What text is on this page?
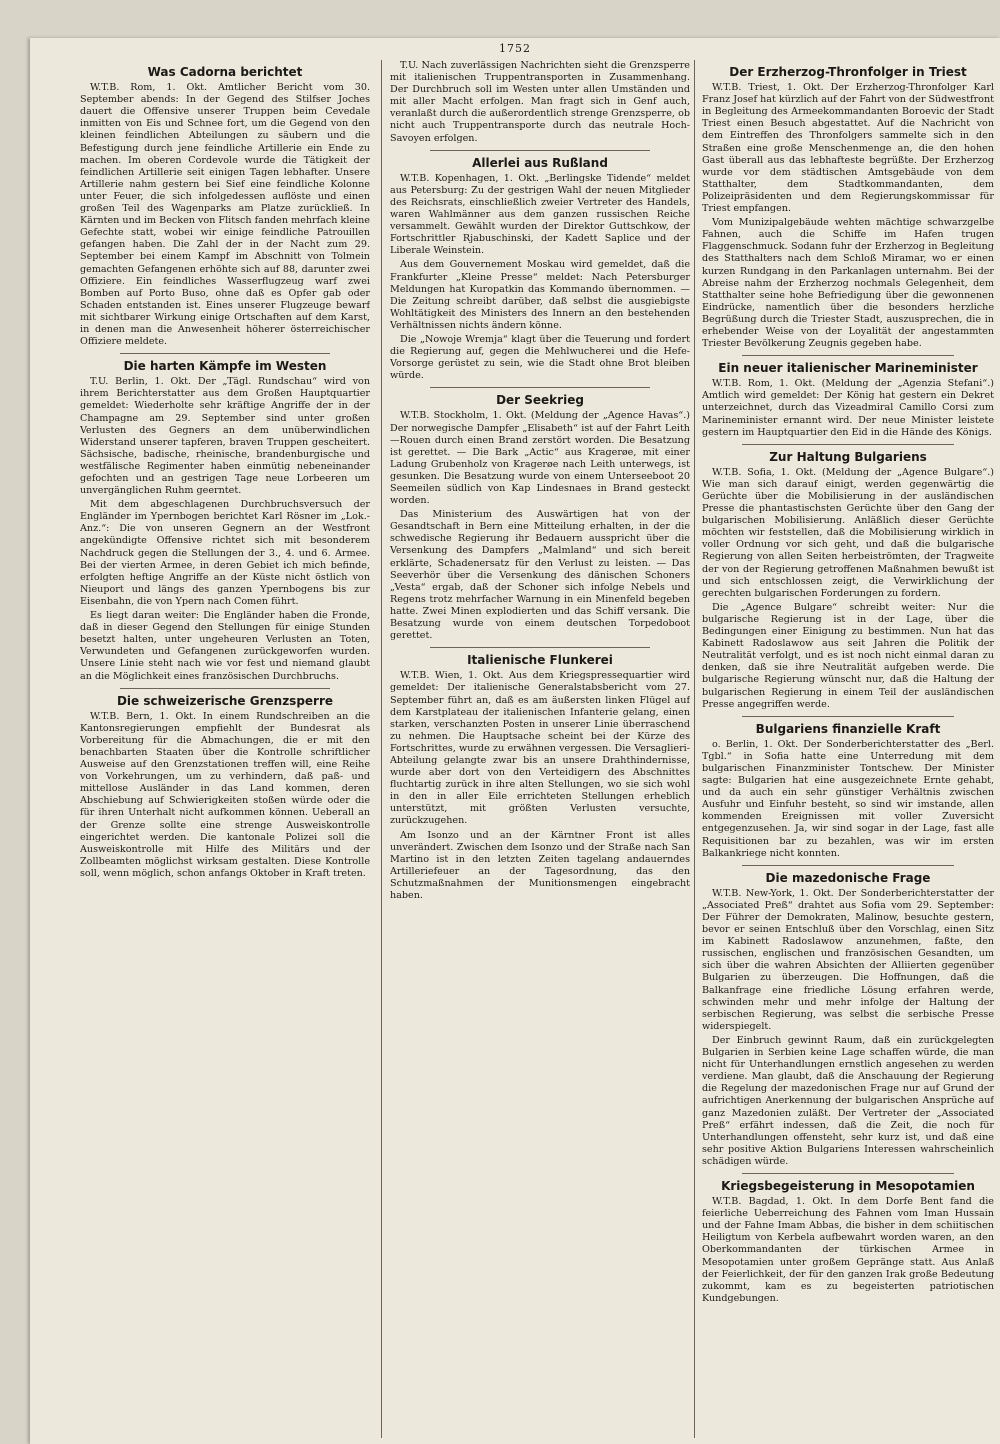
1752
Was Cadorna berichtet

W.T.B. Rom, 1. Okt. Amtlicher Bericht vom 30. September abends: In der Gegend des Stilfser Joches dauert die Offensive unserer Truppen beim Cevedale inmitten von Eis und Schnee fort, um die Gegend von den kleinen feindlichen Abteilungen zu säubern und die Befestigung durch jene feindliche Artillerie ein Ende zu machen. Im oberen Cordevole wurde die Tätigkeit der feindlichen Artillerie seit einigen Tagen lebhafter. Unsere Artillerie nahm gestern bei Sief eine feindliche Kolonne unter Feuer, die sich infolgedessen auflöste und einen großen Teil des Wagenparks am Platze zurückließ. In Kärnten und im Becken von Flitsch fanden mehrfach kleine Gefechte statt, wobei wir einige feindliche Patrouillen gefangen haben. Die Zahl der in der Nacht zum 29. September bei einem Kampf im Abschnitt von Tolmein gemachten Gefangenen erhöhte sich auf 88, darunter zwei Offiziere. Ein feindliches Wasserflugzeug warf zwei Bomben auf Porto Buso, ohne daß es Opfer gab oder Schaden entstanden ist. Eines unserer Flugzeuge bewarf mit sichtbarer Wirkung einige Ortschaften auf dem Karst, in denen man die Anwesenheit höherer österreichischer Offiziere meldete.

Die harten Kämpfe im Westen

T.U. Berlin, 1. Okt. Der „Tägl. Rundschau“ wird von ihrem Berichterstatter aus dem Großen Hauptquartier gemeldet: Wiederholte sehr kräftige Angriffe der in der Champagne am 29. September sind unter großen Verlusten des Gegners an dem unüberwindlichen Widerstand unserer tapferen, braven Truppen gescheitert. Sächsische, badische, rheinische, brandenburgische und westfälische Regimenter haben einmütig nebeneinander gefochten und an gestrigen Tage neue Lorbeeren um unvergänglichen Ruhm geerntet.

Mit dem abgeschlagenen Durchbruchsversuch der Engländer im Ypernbogen berichtet Karl Rösner im „Lok.-Anz.“: Die von unseren Gegnern an der Westfront angekündigte Offensive richtet sich mit besonderem Nachdruck gegen die Stellungen der 3., 4. und 6. Armee. Bei der vierten Armee, in deren Gebiet ich mich befinde, erfolgten heftige Angriffe an der Küste nicht östlich von Nieuport und längs des ganzen Ypernbogens bis zur Eisenbahn, die von Ypern nach Comen führt.

Es liegt daran weiter: Die Engländer haben die Fronde, daß in dieser Gegend den Stellungen für einige Stunden besetzt halten, unter ungeheuren Verlusten an Toten, Verwundeten und Gefangenen zurückgeworfen wurden. Unsere Linie steht nach wie vor fest und niemand glaubt an die Möglichkeit eines französischen Durchbruchs.

Die schweizerische Grenzsperre

W.T.B. Bern, 1. Okt. In einem Rundschreiben an die Kantonsregierungen empfiehlt der Bundesrat als Vorbereitung für die Abmachungen, die er mit den benachbarten Staaten über die Kontrolle schriftlicher Ausweise auf den Grenzstationen treffen will, eine Reihe von Vorkehrungen, um zu verhindern, daß paß- und mittellose Ausländer in das Land kommen, deren Abschiebung auf Schwierigkeiten stoßen würde oder die für ihren Unterhalt nicht aufkommen können. Ueberall an der Grenze sollte eine strenge Ausweiskontrolle eingerichtet werden. Die kantonale Polizei soll die Ausweiskontrolle mit Hilfe des Militärs und der Zollbeamten möglichst wirksam gestalten. Diese Kontrolle soll, wenn möglich, schon anfangs Oktober in Kraft treten.

T.U. Nach zuverlässigen Nachrichten sieht die Grenzsperre mit italienischen Truppentransporten in Zusammenhang. Der Durchbruch soll im Westen unter allen Umständen und mit aller Macht erfolgen. Man fragt sich in Genf auch, veranlaßt durch die außerordentlich strenge Grenzsperre, ob nicht auch Truppentransporte durch das neutrale Hoch-Savoyen erfolgen.

Allerlei aus Rußland

W.T.B. Kopenhagen, 1. Okt. „Berlingske Tidende“ meldet aus Petersburg: Zu der gestrigen Wahl der neuen Mitglieder des Reichsrats, einschließlich zweier Vertreter des Handels, waren Wahlmänner aus dem ganzen russischen Reiche versammelt. Gewählt wurden der Direktor Guttschkow, der Fortschrittler Rjabuschinski, der Kadett Saplice und der Liberale Weinstein.

Aus dem Gouvernement Moskau wird gemeldet, daß die Frankfurter „Kleine Presse“ meldet: Nach Petersburger Meldungen hat Kuropatkin das Kommando übernommen. — Die Zeitung schreibt darüber, daß selbst die ausgiebigste Wohltätigkeit des Ministers des Innern an den bestehenden Verhältnissen nichts ändern könne.

Die „Nowoje Wremja“ klagt über die Teuerung und fordert die Regierung auf, gegen die Mehlwucherei und die Hefe-Vorsorge gerüstet zu sein, wie die Stadt ohne Brot bleiben würde.

Der Seekrieg

W.T.B. Stockholm, 1. Okt. (Meldung der „Agence Havas“.) Der norwegische Dampfer „Elisabeth“ ist auf der Fahrt Leith—Rouen durch einen Brand zerstört worden. Die Besatzung ist gerettet. — Die Bark „Actic“ aus Kragerøe, mit einer Ladung Grubenholz von Kragerøe nach Leith unterwegs, ist gesunken. Die Besatzung wurde von einem Unterseeboot 20 Seemeilen südlich von Kap Lindesnaes in Brand gesteckt worden.

Das Ministerium des Auswärtigen hat von der Gesandtschaft in Bern eine Mitteilung erhalten, in der die schwedische Regierung ihr Bedauern ausspricht über die Versenkung des Dampfers „Malmland“ und sich bereit erklärte, Schadenersatz für den Verlust zu leisten. — Das Seeverhör über die Versenkung des dänischen Schoners „Vesta“ ergab, daß der Schoner sich infolge Nebels und Regens trotz mehrfacher Warnung in ein Minenfeld begeben hatte. Zwei Minen explodierten und das Schiff versank. Die Besatzung wurde von einem deutschen Torpedoboot gerettet.

Italienische Flunkerei

W.T.B. Wien, 1. Okt. Aus dem Kriegspressequartier wird gemeldet: Der italienische Generalstabsbericht vom 27. September führt an, daß es am äußersten linken Flügel auf dem Karstplateau der italienischen Infanterie gelang, einen starken, verschanzten Posten in unserer Linie überraschend zu nehmen. Die Hauptsache scheint bei der Kürze des Fortschrittes, wurde zu erwähnen vergessen. Die Versaglieri-Abteilung gelangte zwar bis an unsere Drahthindernisse, wurde aber dort von den Verteidigern des Abschnittes fluchtartig zurück in ihre alten Stellungen, wo sie sich wohl in den in aller Eile errichteten Stellungen erheblich unterstützt, mit größten Verlusten versuchte, zurückzugehen.

Am Isonzo und an der Kärntner Front ist alles unverändert. Zwischen dem Isonzo und der Straße nach San Martino ist in den letzten Zeiten tagelang andauerndes Artilleriefeuer an der Tagesordnung, das den Schutzmaßnahmen der Munitionsmengen eingebracht haben.

Der Erzherzog-Thronfolger in Triest

W.T.B. Triest, 1. Okt. Der Erzherzog-Thronfolger Karl Franz Josef hat kürzlich auf der Fahrt von der Südwestfront in Begleitung des Armeekommandanten Boroevic der Stadt Triest einen Besuch abgestattet. Auf die Nachricht von dem Eintreffen des Thronfolgers sammelte sich in den Straßen eine große Menschenmenge an, die den hohen Gast überall aus das lebhafteste begrüßte. Der Erzherzog wurde vor dem städtischen Amtsgebäude von dem Statthalter, dem Stadtkommandanten, dem Polizeipräsidenten und dem Regierungskommissar für Triest empfangen.

Vom Munizipalgebäude wehten mächtige schwarzgelbe Fahnen, auch die Schiffe im Hafen trugen Flaggenschmuck. Sodann fuhr der Erzherzog in Begleitung des Statthalters nach dem Schloß Miramar, wo er einen kurzen Rundgang in den Parkanlagen unternahm. Bei der Abreise nahm der Erzherzog nochmals Gelegenheit, dem Statthalter seine hohe Befriedigung über die gewonnenen Eindrücke, namentlich über die besonders herzliche Begrüßung durch die Triester Stadt, auszusprechen, die in erhebender Weise von der Loyalität der angestammten Triester Bevölkerung Zeugnis gegeben habe.

Ein neuer italienischer Marineminister

W.T.B. Rom, 1. Okt. (Meldung der „Agenzia Stefani“.) Amtlich wird gemeldet: Der König hat gestern ein Dekret unterzeichnet, durch das Vizeadmiral Camillo Corsi zum Marineminister ernannt wird. Der neue Minister leistete gestern im Hauptquartier den Eid in die Hände des Königs.

Zur Haltung Bulgariens

W.T.B. Sofia, 1. Okt. (Meldung der „Agence Bulgare“.) Wie man sich darauf einigt, werden gegenwärtig die Gerüchte über die Mobilisierung in der ausländischen Presse die phantastischsten Gerüchte über den Gang der bulgarischen Mobilisierung. Anläßlich dieser Gerüchte möchten wir feststellen, daß die Mobilisierung wirklich in voller Ordnung vor sich geht, und daß die bulgarische Regierung von allen Seiten herbeiströmten, der Tragweite der von der Regierung getroffenen Maßnahmen bewußt ist und sich entschlossen zeigt, die Verwirklichung der gerechten bulgarischen Forderungen zu fordern.

Die „Agence Bulgare“ schreibt weiter: Nur die bulgarische Regierung ist in der Lage, über die Bedingungen einer Einigung zu bestimmen. Nun hat das Kabinett Radoslawow aus seit Jahren die Politik der Neutralität verfolgt, und es ist noch nicht einmal daran zu denken, daß sie ihre Neutralität aufgeben werde. Die bulgarische Regierung wünscht nur, daß die Haltung der bulgarischen Regierung in einem Teil der ausländischen Presse angegriffen werde.

Bulgariens finanzielle Kraft

o. Berlin, 1. Okt. Der Sonderberichterstatter des „Berl. Tgbl.“ in Sofia hatte eine Unterredung mit dem bulgarischen Finanzminister Tontschew. Der Minister sagte: Bulgarien hat eine ausgezeichnete Ernte gehabt, und da auch ein sehr günstiger Verhältnis zwischen Ausfuhr und Einfuhr besteht, so sind wir imstande, allen kommenden Ereignissen mit voller Zuversicht entgegenzusehen. Ja, wir sind sogar in der Lage, fast alle Requisitionen bar zu bezahlen, was wir im ersten Balkankriege nicht konnten.

Die mazedonische Frage

W.T.B. New-York, 1. Okt. Der Sonderberichterstatter der „Associated Preß“ drahtet aus Sofia vom 29. September: Der Führer der Demokraten, Malinow, besuchte gestern, bevor er seinen Entschluß über den Vorschlag, einen Sitz im Kabinett Radoslawow anzunehmen, faßte, den russischen, englischen und französischen Gesandten, um sich über die wahren Absichten der Alliierten gegenüber Bulgarien zu überzeugen. Die Hoffnungen, daß die Balkanfrage eine friedliche Lösung erfahren werde, schwinden mehr und mehr infolge der Haltung der serbischen Regierung, was selbst die serbische Presse widerspiegelt.

Der Einbruch gewinnt Raum, daß ein zurückgelegten Bulgarien in Serbien keine Lage schaffen würde, die man nicht für Unterhandlungen ernstlich angesehen zu werden verdiene. Man glaubt, daß die Anschauung der Regierung die Regelung der mazedonischen Frage nur auf Grund der aufrichtigen Anerkennung der bulgarischen Ansprüche auf ganz Mazedonien zuläßt. Der Vertreter der „Associated Preß“ erfährt indessen, daß die Zeit, die noch für Unterhandlungen offensteht, sehr kurz ist, und daß eine sehr positive Aktion Bulgariens Interessen wahrscheinlich schädigen würde.

Kriegsbegeisterung in Mesopotamien

W.T.B. Bagdad, 1. Okt. In dem Dorfe Bent fand die feierliche Ueberreichung des Fahnen vom Iman Hussain und der Fahne Imam Abbas, die bisher in dem schiitischen Heiligtum von Kerbela aufbewahrt worden waren, an den Oberkommandanten der türkischen Armee in Mesopotamien unter großem Gepränge statt. Aus Anlaß der Feierlichkeit, der für den ganzen Irak große Bedeutung zukommt, kam es zu begeisterten patriotischen Kundgebungen.
